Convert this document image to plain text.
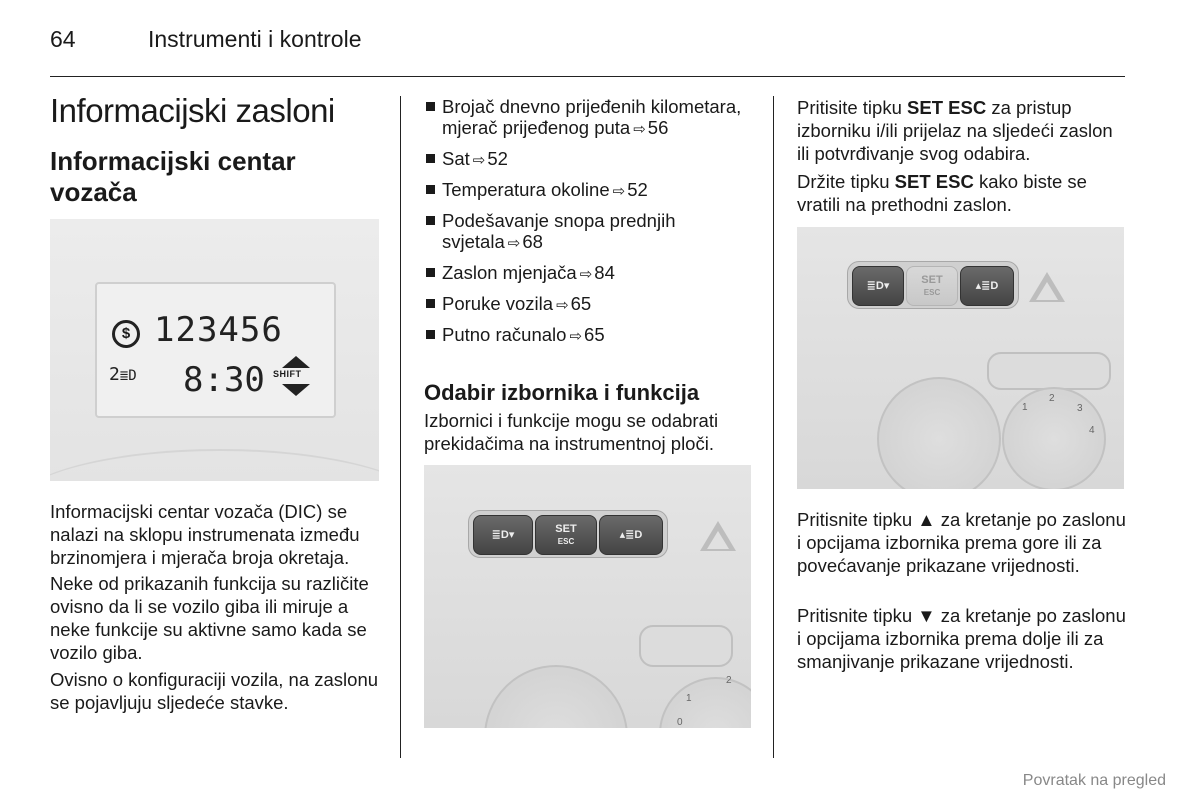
64	Instrumenti i kontrole
Informacijski zasloni
Informacijski centar vozača
$ 123456
2≣D 8:30 SHIFT

Informacijski centar vozača (DIC) se nalazi na sklopu instrumenata između brzinomjera i mjerača broja okretaja.

Neke od prikazanih funkcija su različite ovisno da li se vozilo giba ili miruje a neke funkcije su aktivne samo kada se vozilo giba.

Ovisno o konfiguraciji vozila, na zaslonu se pojavljuju sljedeće stavke.

Brojač dnevno prijeđenih kilometara, mjerač prijeđenog puta ⇨ 56
Sat ⇨ 52
Temperatura okoline ⇨ 52
Podešavanje snopa prednjih svjetala ⇨ 68
Zaslon mjenjača ⇨ 84
Poruke vozila ⇨ 65
Putno računalo ⇨ 65
Odabir izbornika i funkcija

Izbornici i funkcije mogu se odabrati prekidačima na instrumentnoj ploči.

≣D▾	SET
ESC
▴≣D
0
1
2

Pritisite tipku SET ESC za pristup izborniku i/ili prijelaz na sljedeći zaslon ili potvrđivanje svog odabira.

Držite tipku SET ESC kako biste se vratili na prethodni zaslon.

≣D▾	SET
ESC
▴≣D
1
2
3
4

Pritisnite tipku ▲ za kretanje po zaslonu i opcijama izbornika prema gore ili za povećavanje prikazane vrijednosti.

Pritisnite tipku ▼ za kretanje po zaslonu i opcijama izbornika prema dolje ili za smanjivanje prikazane vrijednosti.

Povratak na pregled
